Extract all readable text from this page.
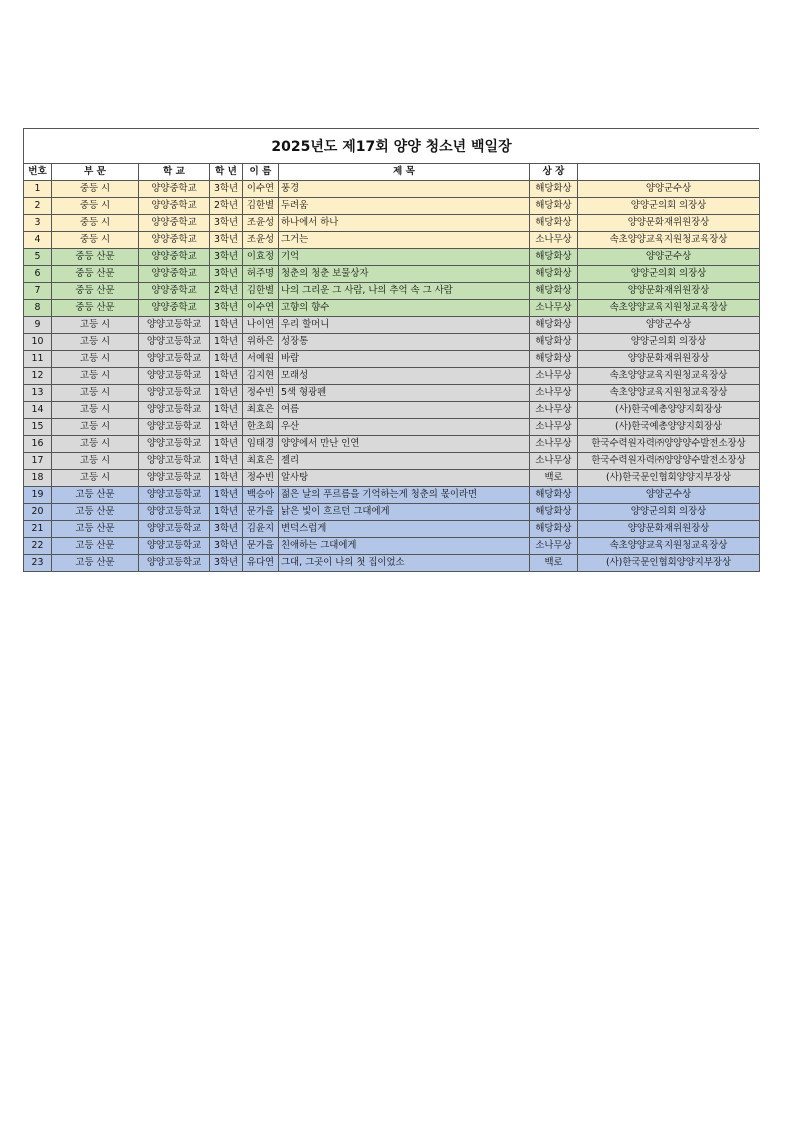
2025년도 제17회 양양 청소년 백일장
번호	부 문	학 교	학 년	이 름	제 목	상 장	
1	중등 시	양양중학교	3학년	이수연	풍경	해당화상	양양군수상
2	중등 시	양양중학교	2학년	김한별	두려움	해당화상	양양군의회 의장상
3	중등 시	양양중학교	3학년	조윤성	하나에서 하나	해당화상	양양문화재위원장상
4	중등 시	양양중학교	3학년	조윤성	그거는	소나무상	속초양양교육지원청교육장상
5	중등 산문	양양중학교	3학년	이효정	기억	해당화상	양양군수상
6	중등 산문	양양중학교	3학년	허주명	청춘의 청춘 보물상자	해당화상	양양군의회 의장상
7	중등 산문	양양중학교	2학년	김한별	나의 그리운 그 사람, 나의 추억 속 그 사람	해당화상	양양문화재위원장상
8	중등 산문	양양중학교	3학년	이수연	고향의 향수	소나무상	속초양양교육지원청교육장상
9	고등 시	양양고등학교	1학년	나이연	우리 할머니	해당화상	양양군수상
10	고등 시	양양고등학교	1학년	위하은	성장통	해당화상	양양군의회 의장상
11	고등 시	양양고등학교	1학년	서예원	바람	해당화상	양양문화재위원장상
12	고등 시	양양고등학교	1학년	김지현	모래성	소나무상	속초양양교육지원청교육장상
13	고등 시	양양고등학교	1학년	정수빈	5색 형광펜	소나무상	속초양양교육지원청교육장상
14	고등 시	양양고등학교	1학년	최효은	여름	소나무상	(사)한국예총양양지회장상
15	고등 시	양양고등학교	1학년	한초희	우산	소나무상	(사)한국예총양양지회장상
16	고등 시	양양고등학교	1학년	임태경	양양에서 만난 인연	소나무상	한국수력원자력㈜양양양수발전소장상
17	고등 시	양양고등학교	1학년	최효은	젤리	소나무상	한국수력원자력㈜양양양수발전소장상
18	고등 시	양양고등학교	1학년	정수빈	알사탕	백로	(사)한국문인협회양양지부장상
19	고등 산문	양양고등학교	1학년	백승아	젊은 날의 푸르름을 기억하는게 청춘의 몫이라면	해당화상	양양군수상
20	고등 산문	양양고등학교	1학년	문가을	낡은 빛이 흐르던 그대에게	해당화상	양양군의회 의장상
21	고등 산문	양양고등학교	3학년	김윤지	변덕스럽게	해당화상	양양문화재위원장상
22	고등 산문	양양고등학교	3학년	문가을	친애하는 그대에게	소나무상	속초양양교육지원청교육장상
23	고등 산문	양양고등학교	3학년	유다연	그대, 그곳이 나의 첫 집이었소	백로	(사)한국문인협회양양지부장상
